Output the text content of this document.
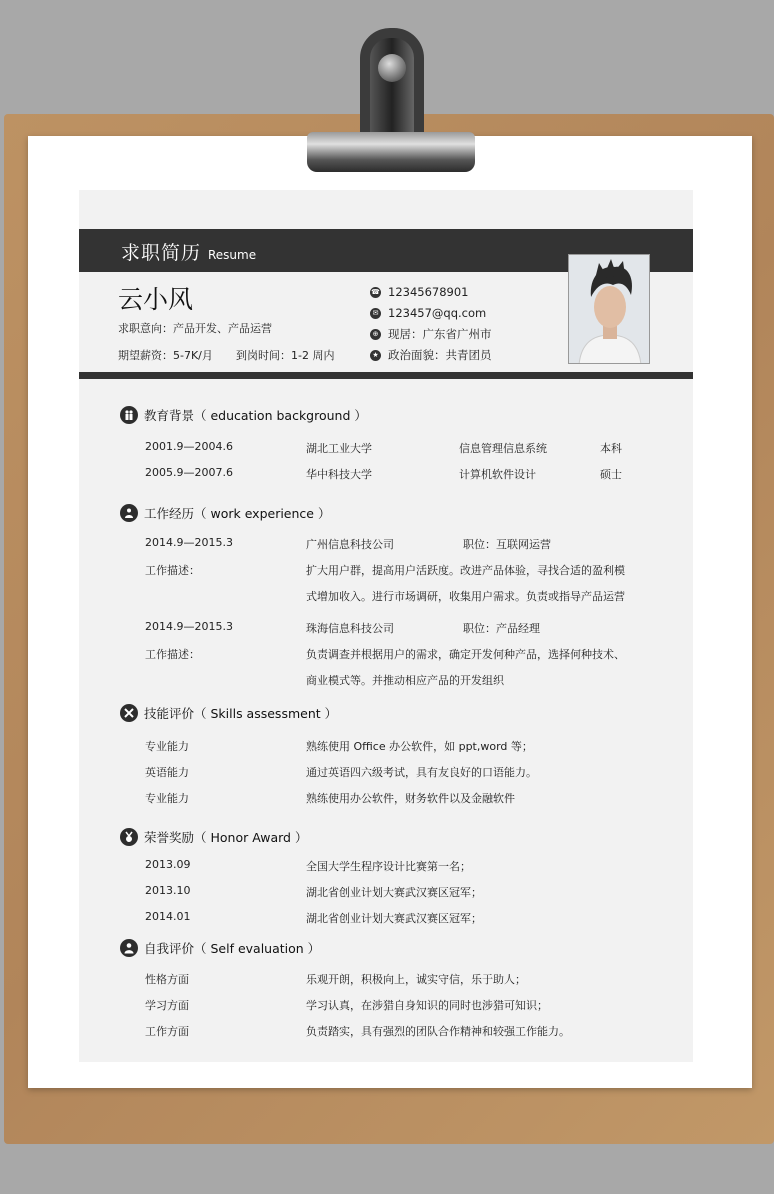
求职简历 Resume
云小风
求职意向：产品开发、产品运营
期望薪资：5-7K/月 到岗时间：1-2 周内
☎ 12345678901
✉ 123457@qq.com
⊕ 现居：广东省广州市
★ 政治面貌：共青团员
教育背景（ education background ）
2001.9—2004.6	湖北工业大学	信息管理信息系统	本科
2005.9—2007.6	华中科技大学	计算机软件设计	硕士
工作经历（ work experience ）
2014.9—2015.3	广州信息科技公司	职位：互联网运营
工作描述：	扩大用户群，提高用户活跃度。改进产品体验，寻找合适的盈利模
式增加收入。进行市场调研，收集用户需求。负责或指导产品运营
2014.9—2015.3	珠海信息科技公司	职位：产品经理
工作描述：	负责调查并根据用户的需求，确定开发何种产品，选择何种技术、
商业模式等。并推动相应产品的开发组织
技能评价（ Skills assessment ）
专业能力	熟练使用 Office 办公软件，如 ppt,word 等；
英语能力	通过英语四六级考试，具有友良好的口语能力。
专业能力	熟练使用办公软件，财务软件以及金融软件
荣誉奖励（ Honor Award ）
2013.09	全国大学生程序设计比赛第一名；
2013.10	湖北省创业计划大赛武汉赛区冠军；
2014.01	湖北省创业计划大赛武汉赛区冠军；
自我评价（ Self evaluation ）
性格方面	乐观开朗，积极向上，诚实守信，乐于助人；
学习方面	学习认真，在涉猎自身知识的同时也涉猎可知识；
工作方面	负责踏实，具有强烈的团队合作精神和较强工作能力。
